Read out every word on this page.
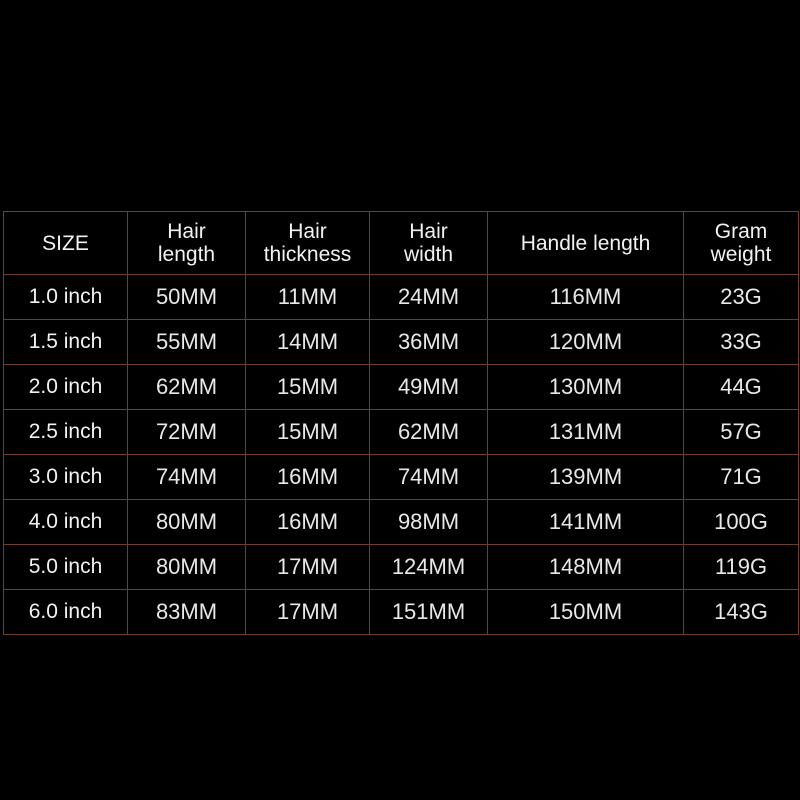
SIZE	Hair length	Hair thickness	Hair width	Handle length	Gram weight
1.0 inch	50MM	11MM	24MM	116MM	23G
1.5 inch	55MM	14MM	36MM	120MM	33G
2.0 inch	62MM	15MM	49MM	130MM	44G
2.5 inch	72MM	15MM	62MM	131MM	57G
3.0 inch	74MM	16MM	74MM	139MM	71G
4.0 inch	80MM	16MM	98MM	141MM	100G
5.0 inch	80MM	17MM	124MM	148MM	119G
6.0 inch	83MM	17MM	151MM	150MM	143G
